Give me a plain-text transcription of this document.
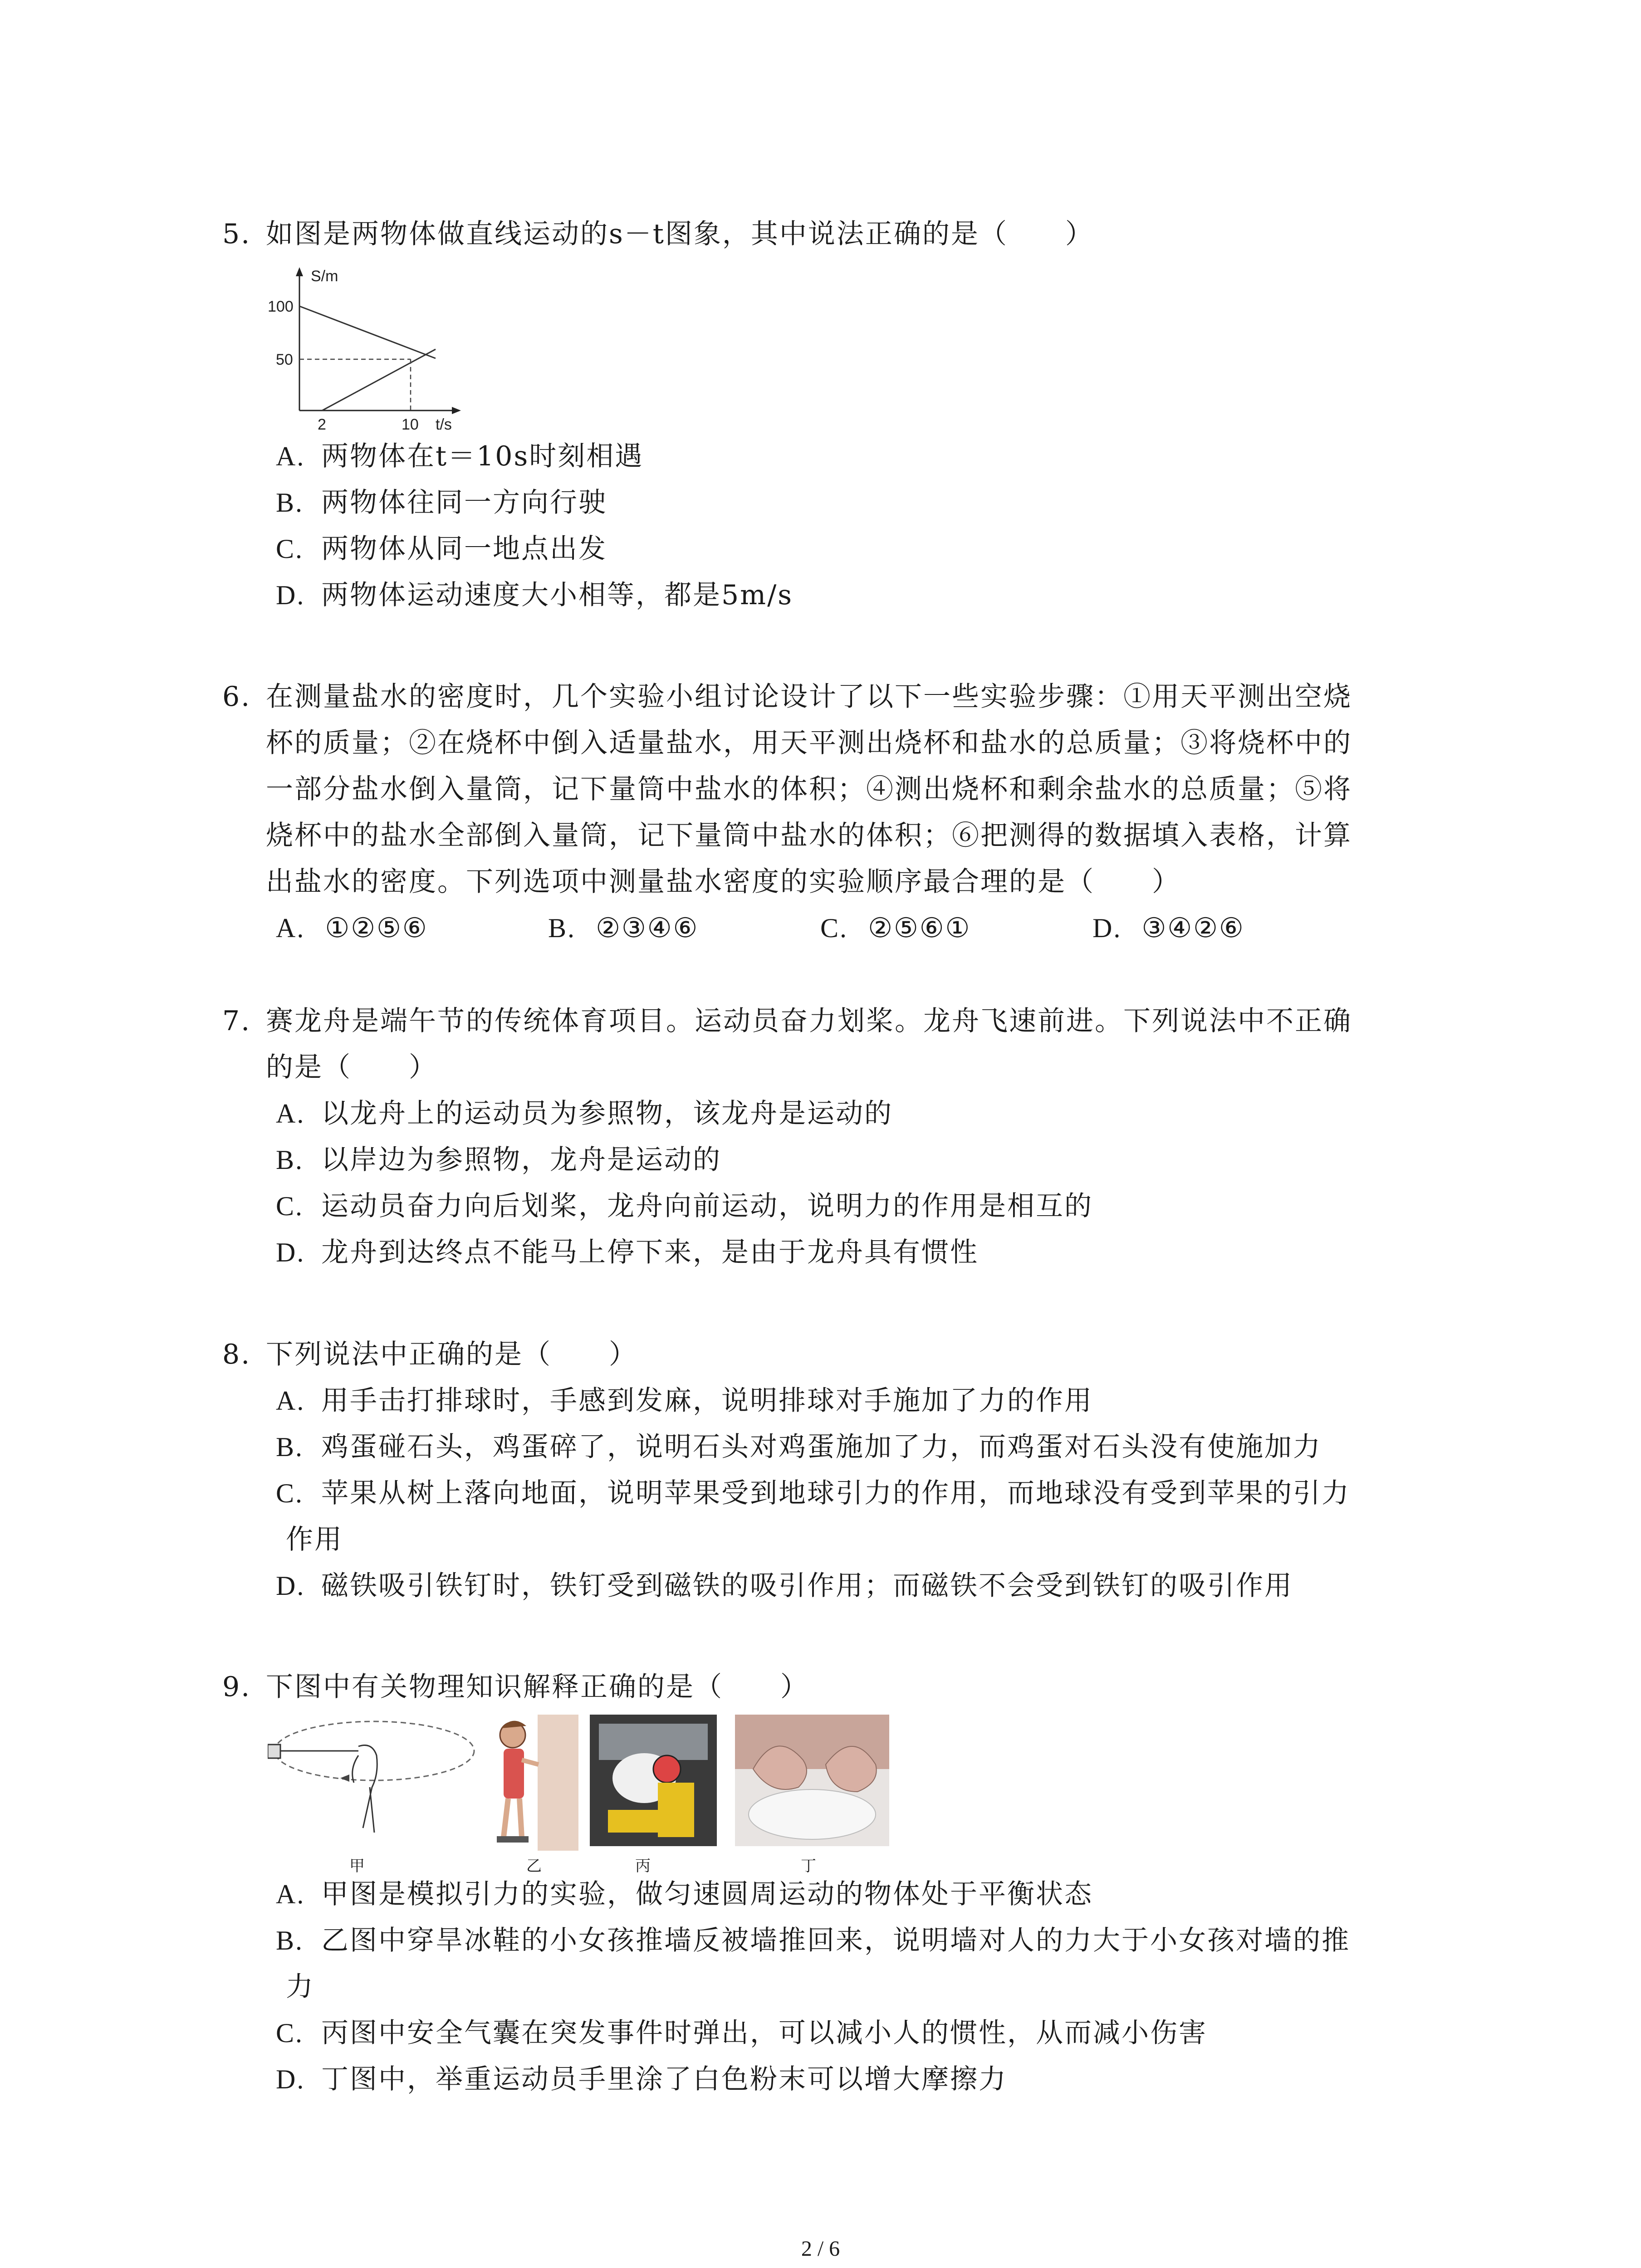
5. 如图是两物体做直线运动的s－t图象，其中说法正确的是（　　）
S/m
t/s
100
50
2	10
A. 两物体在t＝10s时刻相遇
B. 两物体往同一方向行驶
C. 两物体从同一地点出发
D. 两物体运动速度大小相等，都是5m/s
6. 在测量盐水的密度时，几个实验小组讨论设计了以下一些实验步骤：①用天平测出空烧
杯的质量；②在烧杯中倒入适量盐水，用天平测出烧杯和盐水的总质量；③将烧杯中的
一部分盐水倒入量筒，记下量筒中盐水的体积；④测出烧杯和剩余盐水的总质量；⑤将
烧杯中的盐水全部倒入量筒，记下量筒中盐水的体积；⑥把测得的数据填入表格，计算
出盐水的密度。下列选项中测量盐水密度的实验顺序最合理的是（　　）
A. ①②⑤⑥	B. ②③④⑥	C. ②⑤⑥①	D. ③④②⑥
7. 赛龙舟是端午节的传统体育项目。运动员奋力划桨。龙舟飞速前进。下列说法中不正确
的是（　　）
A. 以龙舟上的运动员为参照物，该龙舟是运动的
B. 以岸边为参照物，龙舟是运动的
C. 运动员奋力向后划桨，龙舟向前运动，说明力的作用是相互的
D. 龙舟到达终点不能马上停下来，是由于龙舟具有惯性
8. 下列说法中正确的是（　　）
A. 用手击打排球时，手感到发麻，说明排球对手施加了力的作用
B. 鸡蛋碰石头，鸡蛋碎了，说明石头对鸡蛋施加了力，而鸡蛋对石头没有使施加力
C. 苹果从树上落向地面，说明苹果受到地球引力的作用，而地球没有受到苹果的引力
作用
D. 磁铁吸引铁钉时，铁钉受到磁铁的吸引作用；而磁铁不会受到铁钉的吸引作用
9. 下图中有关物理知识解释正确的是（　　）
甲	乙	丙	丁
A. 甲图是模拟引力的实验，做匀速圆周运动的物体处于平衡状态
B. 乙图中穿旱冰鞋的小女孩推墙反被墙推回来，说明墙对人的力大于小女孩对墙的推
力
C. 丙图中安全气囊在突发事件时弹出，可以减小人的惯性，从而减小伤害
D. 丁图中，举重运动员手里涂了白色粉末可以增大摩擦力
2 / 6
